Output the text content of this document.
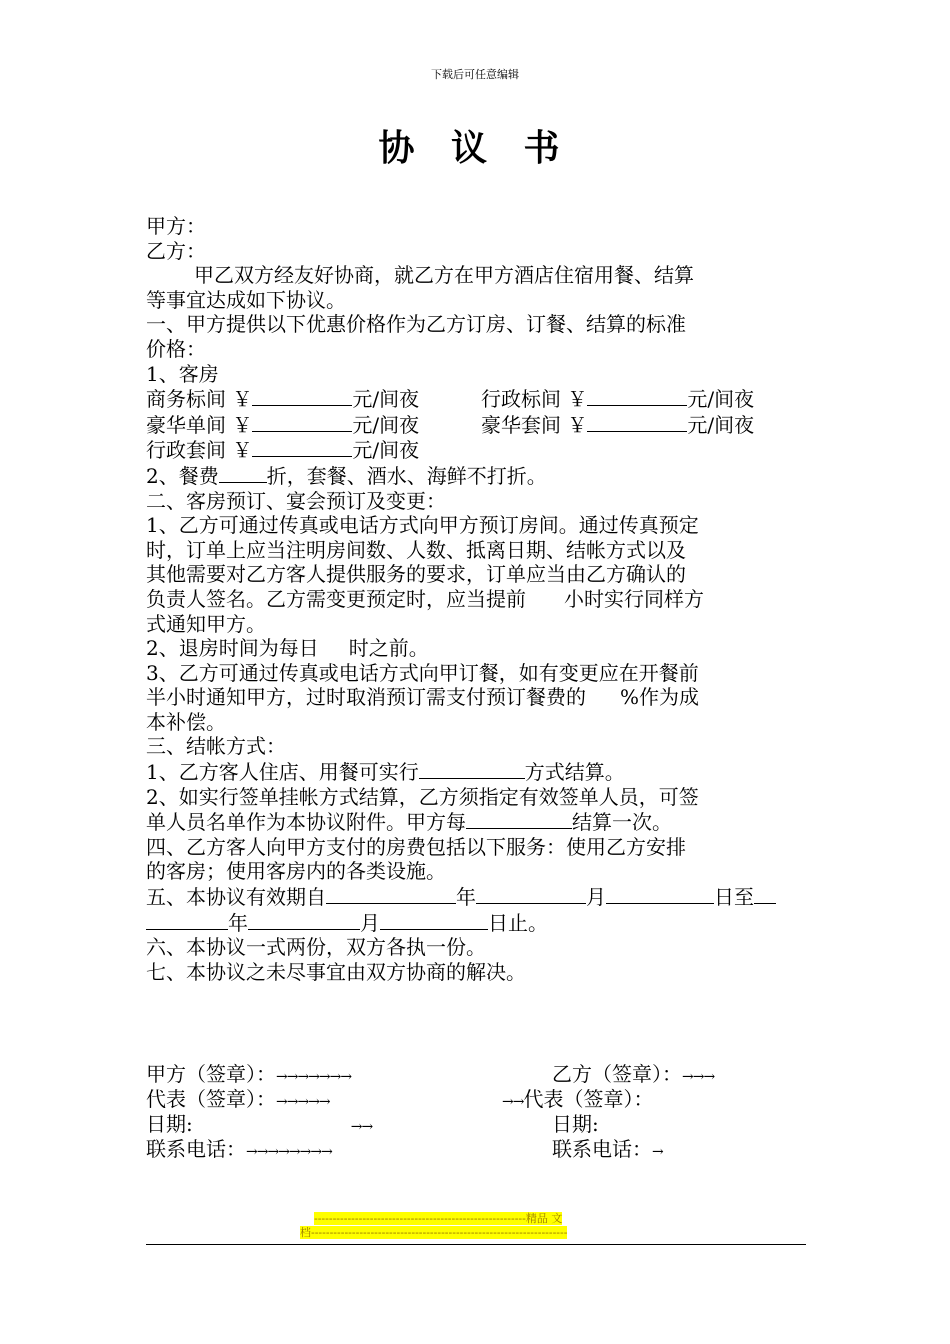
下载后可任意编辑
协 议 书
甲方：
乙方：
甲乙双方经友好协商，就乙方在甲方酒店住宿用餐、结算
等事宜达成如下协议。
一、甲方提供以下优惠价格作为乙方订房、订餐、结算的标准
价格：
1、客房
商务标间 ￥	元/间夜	行政标间 ￥	元/间夜
豪华单间 ￥	元/间夜	豪华套间 ￥	元/间夜
行政套间 ￥	元/间夜
2、餐费 折，套餐、酒水、海鲜不打折。
二、客房预订、宴会预订及变更：
1、乙方可通过传真或电话方式向甲方预订房间。通过传真预定
时，订单上应当注明房间数、人数、抵离日期、结帐方式以及
其他需要对乙方客人提供服务的要求，订单应当由乙方确认的
负责人签名。乙方需变更预定时，应当提前 小时实行同样方
式通知甲方。
2、退房时间为每日 时之前。
3、乙方可通过传真或电话方式向甲订餐，如有变更应在开餐前
半小时通知甲方，过时取消预订需支付预订餐费的 %作为成
本补偿。
三、结帐方式：
1、乙方客人住店、用餐可实行	方式结算。
2、如实行签单挂帐方式结算，乙方须指定有效签单人员，可签
单人员名单作为本协议附件。甲方每	结算一次。
四、乙方客人向甲方支付的房费包括以下服务：使用乙方安排
的客房；使用客房内的各类设施。
五、本协议有效期自	年	月	日至
年	月	日止。
六、本协议一式两份，双方各执一份。
七、本协议之未尽事宜由双方协商的解决。
甲方（签章）：→→→→→→→	乙方（签章）：→→→
代表（签章）：→→→→→	→→代表（签章）：
日期:	→→	日期:
联系电话：→→→→→→→→	联系电话：→
---------------------------------------------------------精品 文
档---------------------------------------------------------------------
